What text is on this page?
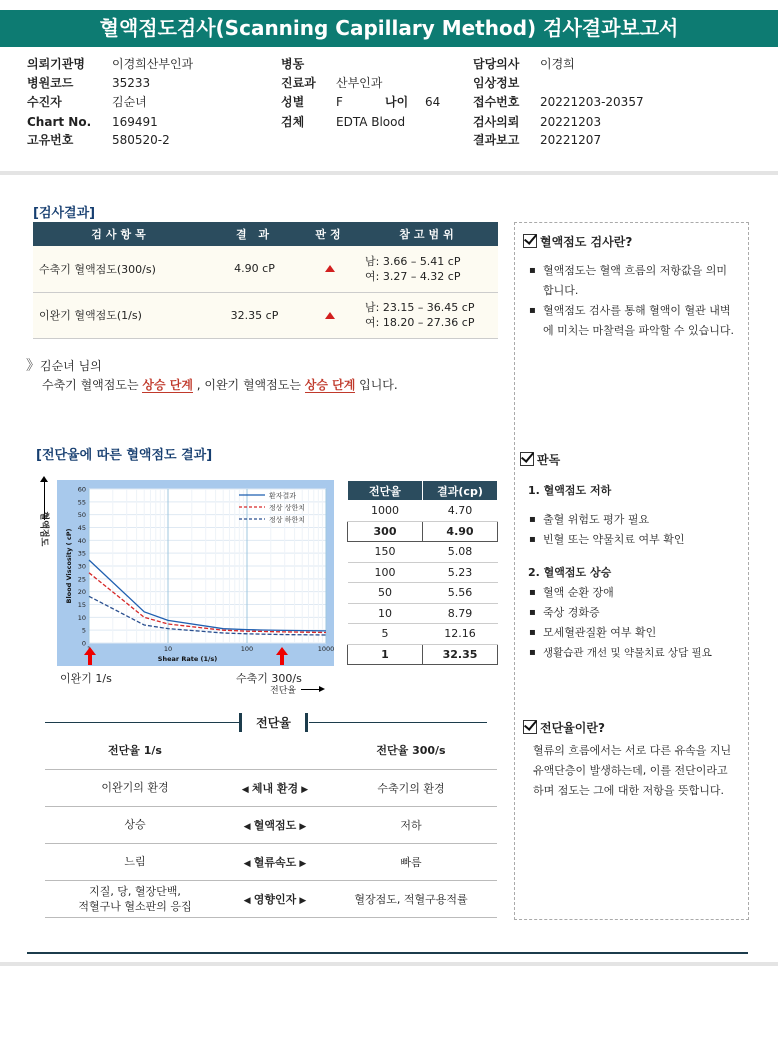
혈액점도검사(Scanning Capillary Method) 검사결과보고서
의뢰기관명 이경희산부인과
병원코드	35233
수진자	김순녀
Chart No. 169491
고유번호	580520-2
병동
진료과 산부인과
성별	F	나이 64
검체	EDTA Blood
담당의사 이경희
임상정보
접수번호 20221203-20357
검사의뢰 20221203
결과보고 20221207
[검사결과]
검사항목	결 과	판정	참고범위
수축기 혈액점도(300/s)	4.90 cP		남: 3.66 – 5.41 cP
여: 3.27 – 4.32 cP

이완기 혈액점도(1/s)	32.35 cP		남: 23.15 – 36.45 cP
여: 18.20 – 27.36 cP
》김순녀 님의
수축기 혈액점도는 상승 단계 , 이완기 혈액점도는 상승 단계 입니다.
[전단율에 따른 혈액점도 결과]
혈액점도
환자결과
정상 상한치
정상 하한치
0
5
10
15
20
25
30
35
40
45
50
55
60
1	10	100	1000
Shear Rate (1/s)
Blood Viscosity ( cP)
이완기 1/s	수축기 300/s
전단율
전단율	결과(cp)
1000	4.70
300	4.90
150	5.08
100	5.23
50	5.56
10	8.79
5	12.16
1	32.35
전단율
전단율 1/s		전단율 300/s
이완기의 환경	◀ 체내 환경 ▶	수축기의 환경
상승	◀ 혈액점도 ▶	저하
느림	◀ 혈류속도 ▶	빠름
지질, 당, 혈장단백,
적혈구나 혈소판의 응집	◀ 영향인자 ▶	혈장점도, 적혈구용적률
혈액점도 검사란?
▪ 혈액점도는 혈액 흐름의 저항값을 의미합니다.
▪ 혈액점도 검사를 통해 혈액이 혈관 내벽에 미치는 마찰력을 파악할 수 있습니다.
판독
1. 혈액점도 저하
▪ 출혈 위험도 평가 필요
▪ 빈혈 또는 약물치료 여부 확인
2. 혈액점도 상승
▪ 혈액 순환 장애
▪ 죽상 경화증
▪ 모세혈관질환 여부 확인
▪ 생활습관 개선 및 약물치료 상담 필요
전단율이란?
혈류의 흐름에서는 서로 다른 유속을 지닌 유액단층이 발생하는데, 이를 전단이라고 하며 점도는 그에 대한 저항을 뜻합니다.
